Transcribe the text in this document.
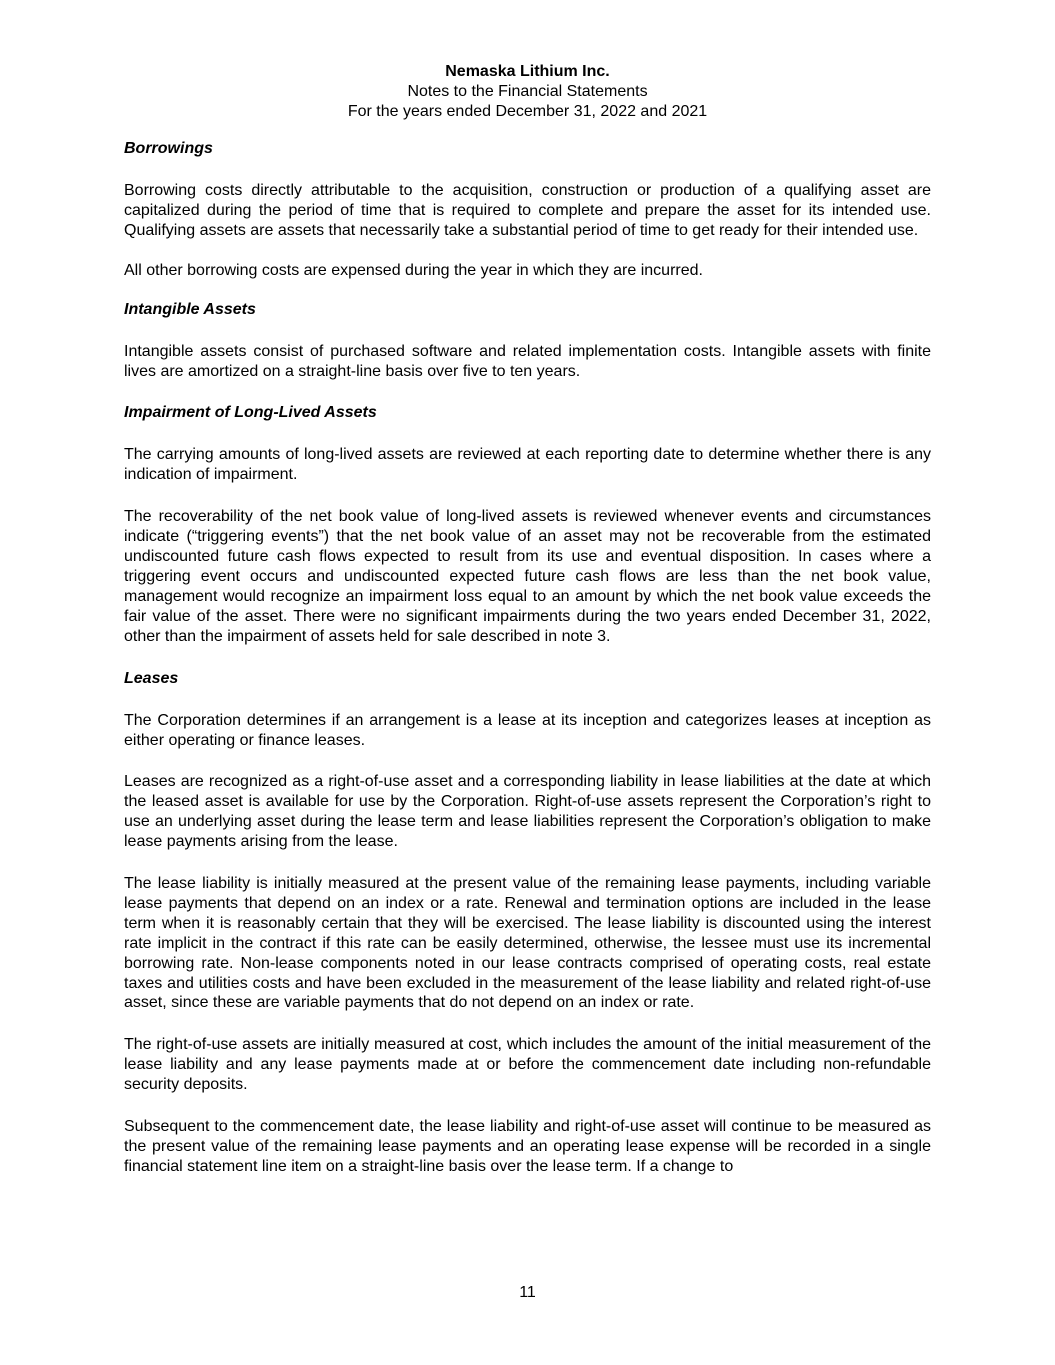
Nemaska Lithium Inc.
Notes to the Financial Statements
For the years ended December 31, 2022 and 2021
Borrowings

Borrowing costs directly attributable to the acquisition, construction or production of a qualifying asset are capitalized during the period of time that is required to complete and prepare the asset for its intended use. Qualifying assets are assets that necessarily take a substantial period of time to get ready for their intended use.

All other borrowing costs are expensed during the year in which they are incurred.

Intangible Assets

Intangible assets consist of purchased software and related implementation costs. Intangible assets with finite lives are amortized on a straight-line basis over five to ten years.

Impairment of Long-Lived Assets

The carrying amounts of long-lived assets are reviewed at each reporting date to determine whether there is any indication of impairment.

The recoverability of the net book value of long-lived assets is reviewed whenever events and circumstances indicate (“triggering events”) that the net book value of an asset may not be recoverable from the estimated undiscounted future cash flows expected to result from its use and eventual disposition. In cases where a triggering event occurs and undiscounted expected future cash flows are less than the net book value, management would recognize an impairment loss equal to an amount by which the net book value exceeds the fair value of the asset. There were no significant impairments during the two years ended December 31, 2022, other than the impairment of assets held for sale described in note 3.

Leases

The Corporation determines if an arrangement is a lease at its inception and categorizes leases at inception as either operating or finance leases.

Leases are recognized as a right-of-use asset and a corresponding liability in lease liabilities at the date at which the leased asset is available for use by the Corporation. Right-of-use assets represent the Corporation’s right to use an underlying asset during the lease term and lease liabilities represent the Corporation’s obligation to make lease payments arising from the lease.

The lease liability is initially measured at the present value of the remaining lease payments, including variable lease payments that depend on an index or a rate. Renewal and termination options are included in the lease term when it is reasonably certain that they will be exercised. The lease liability is discounted using the interest rate implicit in the contract if this rate can be easily determined, otherwise, the lessee must use its incremental borrowing rate. Non-lease components noted in our lease contracts comprised of operating costs, real estate taxes and utilities costs and have been excluded in the measurement of the lease liability and related right-of-use asset, since these are variable payments that do not depend on an index or rate.

The right-of-use assets are initially measured at cost, which includes the amount of the initial measurement of the lease liability and any lease payments made at or before the commencement date including non-refundable security deposits.

Subsequent to the commencement date, the lease liability and right-of-use asset will continue to be measured as the present value of the remaining lease payments and an operating lease expense will be recorded in a single financial statement line item on a straight-line basis over the lease term. If a change to

11
